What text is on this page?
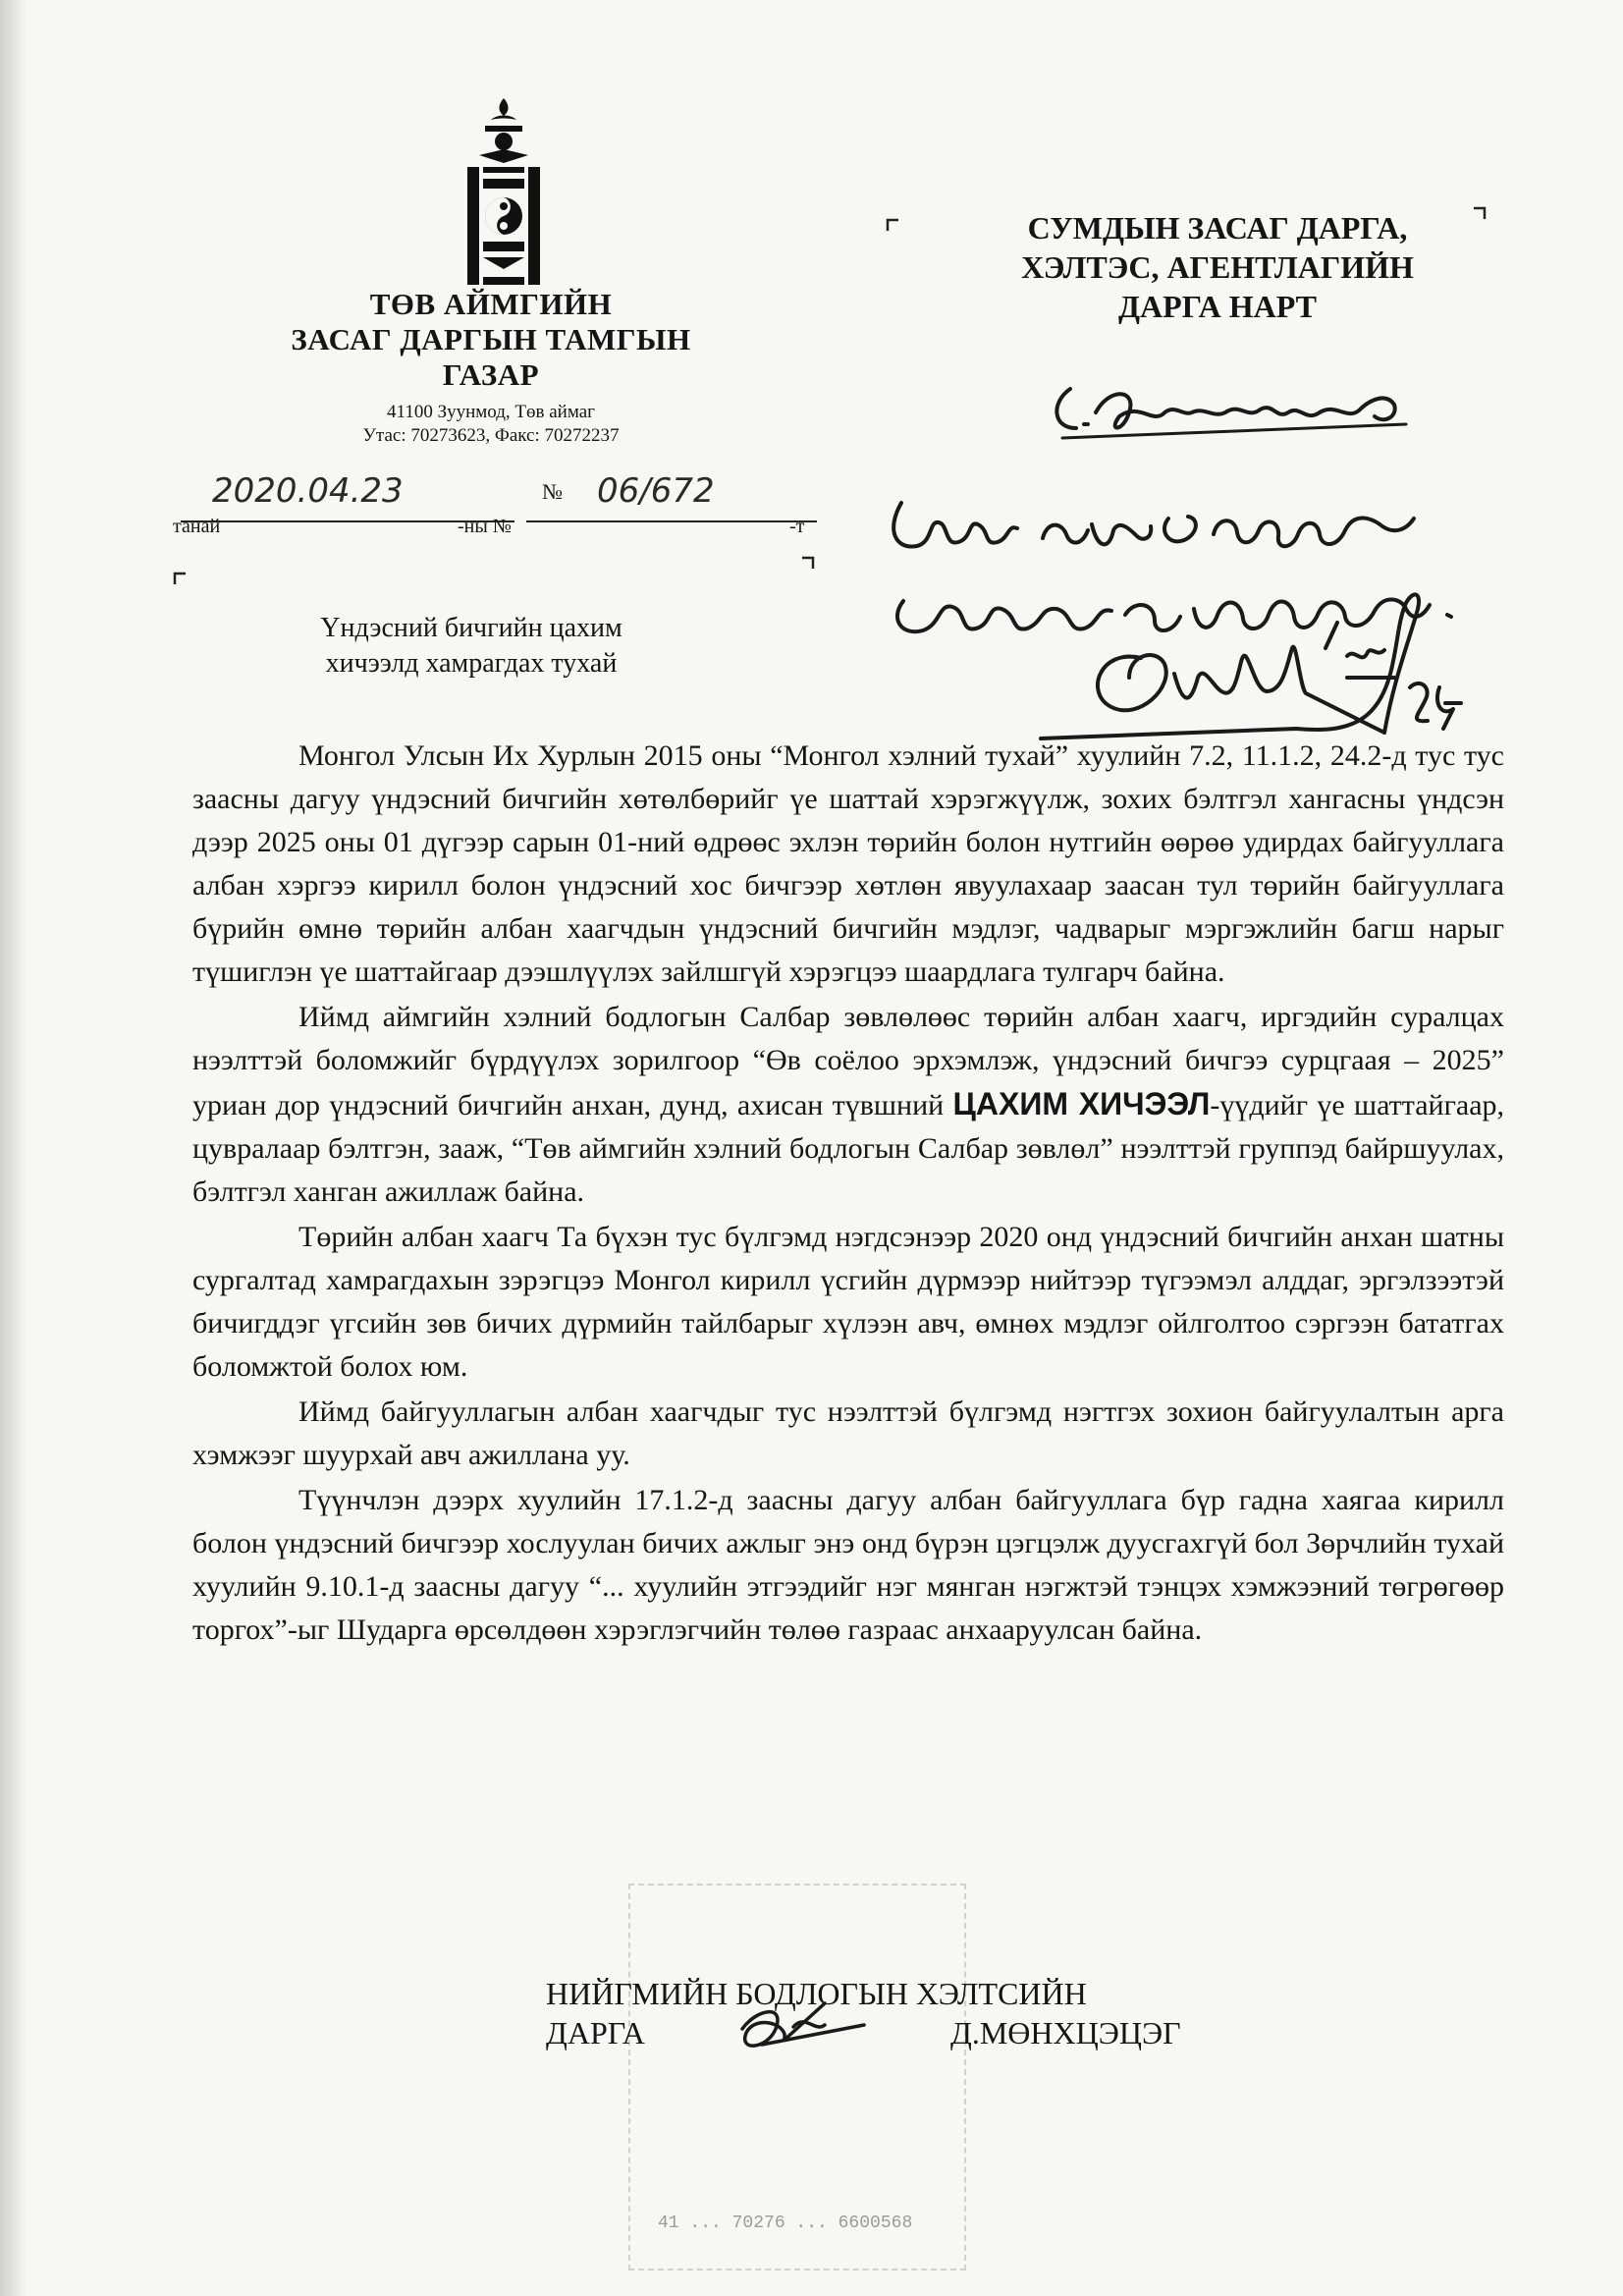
ТӨВ АЙМГИЙН
ЗАСАГ ДАРГЫН ТАМГЫН
ГАЗАР
41100 Зуунмод, Төв аймаг
Утас: 70273623, Факс: 70272237
2020.04.23	№ 06/672
танай	-ны №	-т
Үндэсний бичгийн цахим
хичээлд хамрагдах тухай
СУМДЫН ЗАСАГ ДАРГА,
ХЭЛТЭС, АГЕНТЛАГИЙН
ДАРГА НАРТ

Монгол Улсын Их Хурлын 2015 оны “Монгол хэлний тухай” хуулийн 7.2, 11.1.2, 24.2-д тус тус заасны дагуу үндэсний бичгийн хөтөлбөрийг үе шаттай хэрэгжүүлж, зохих бэлтгэл хангасны үндсэн дээр 2025 оны 01 дүгээр сарын 01-ний өдрөөс эхлэн төрийн болон нутгийн өөрөө удирдах байгууллага албан хэргээ кирилл болон үндэсний хос бичгээр хөтлөн явуулахаар заасан тул төрийн байгууллага бүрийн өмнө төрийн албан хаагчдын үндэсний бичгийн мэдлэг, чадварыг мэргэжлийн багш нарыг түшиглэн үе шаттайгаар дээшлүүлэх зайлшгүй хэрэгцээ шаардлага тулгарч байна.

Иймд аймгийн хэлний бодлогын Салбар зөвлөлөөс төрийн албан хаагч, иргэдийн суралцах нээлттэй боломжийг бүрдүүлэх зорилгоор “Өв соёлоо эрхэмлэж, үндэсний бичгээ сурцгаая – 2025” уриан дор үндэсний бичгийн анхан, дунд, ахисан түвшний ЦАХИМ ХИЧЭЭЛ-үүдийг үе шаттайгаар, цувралаар бэлтгэн, зааж, “Төв аймгийн хэлний бодлогын Салбар зөвлөл” нээлттэй группэд байршуулах, бэлтгэл ханган ажиллаж байна.

Төрийн албан хаагч Та бүхэн тус бүлгэмд нэгдсэнээр 2020 онд үндэсний бичгийн анхан шатны сургалтад хамрагдахын зэрэгцээ Монгол кирилл үсгийн дүрмээр нийтээр түгээмэл алддаг, эргэлзээтэй бичигддэг үгсийн зөв бичих дүрмийн тайлбарыг хүлээн авч, өмнөх мэдлэг ойлголтоо сэргээн бататгах боломжтой болох юм.

Иймд байгууллагын албан хаагчдыг тус нээлттэй бүлгэмд нэгтгэх зохион байгуулалтын арга хэмжээг шуурхай авч ажиллана уу.

Түүнчлэн дээрх хуулийн 17.1.2-д заасны дагуу албан байгууллага бүр гадна хаягаа кирилл болон үндэсний бичгээр хослуулан бичих ажлыг энэ онд бүрэн цэгцэлж дуусгахгүй бол Зөрчлийн тухай хуулийн 9.10.1-д заасны дагуу “... хуулийн этгээдийг нэг мянган нэгжтэй тэнцэх хэмжээний төгрөгөөр торгох”-ыг Шударга өрсөлдөөн хэрэглэгчийн төлөө газраас анхааруулсан байна.

41 ... 70276 ... 6600568
НИЙГМИЙН БОДЛОГЫН ХЭЛТСИЙН
ДАРГА	Д.МӨНХЦЭЦЭГ
